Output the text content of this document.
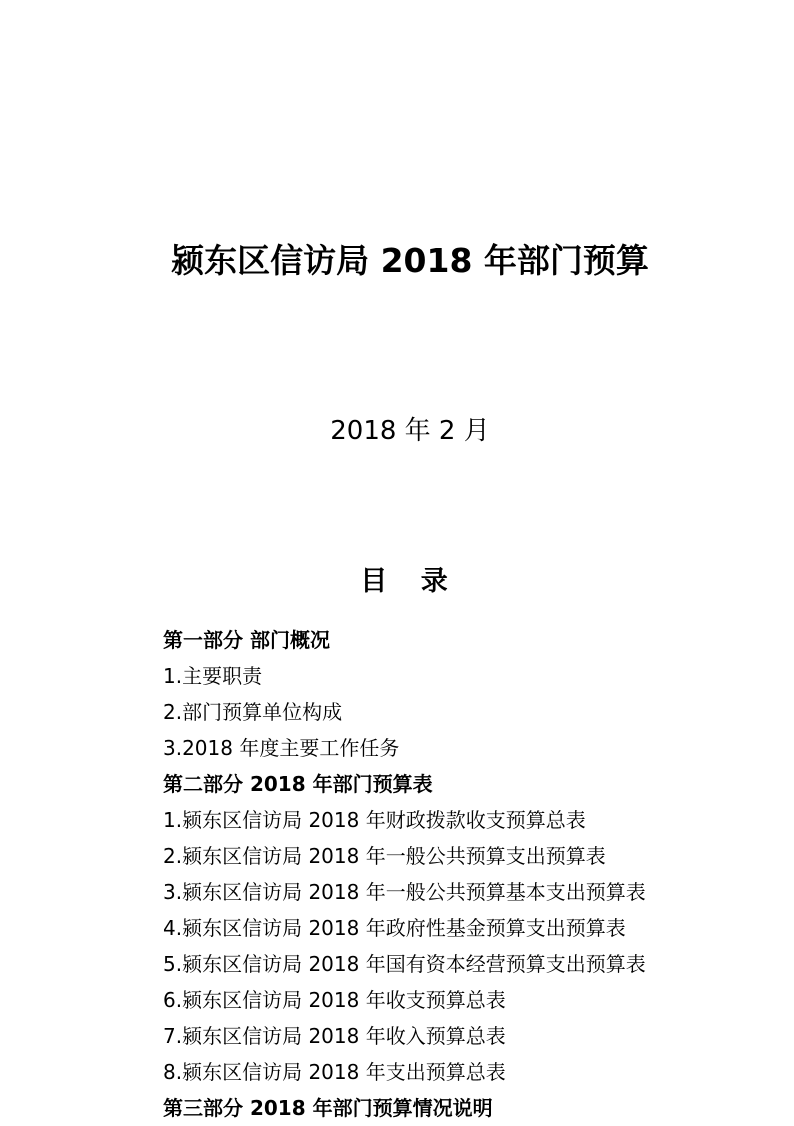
颍东区信访局 2018 年部门预算

2018 年 2 月

目 录
第一部分 部门概况
1.主要职责
2.部门预算单位构成
3.2018 年度主要工作任务
第二部分 2018 年部门预算表
1.颍东区信访局 2018 年财政拨款收支预算总表
2.颍东区信访局 2018 年一般公共预算支出预算表
3.颍东区信访局 2018 年一般公共预算基本支出预算表
4.颍东区信访局 2018 年政府性基金预算支出预算表
5.颍东区信访局 2018 年国有资本经营预算支出预算表
6.颍东区信访局 2018 年收支预算总表
7.颍东区信访局 2018 年收入预算总表
8.颍东区信访局 2018 年支出预算总表
第三部分 2018 年部门预算情况说明
